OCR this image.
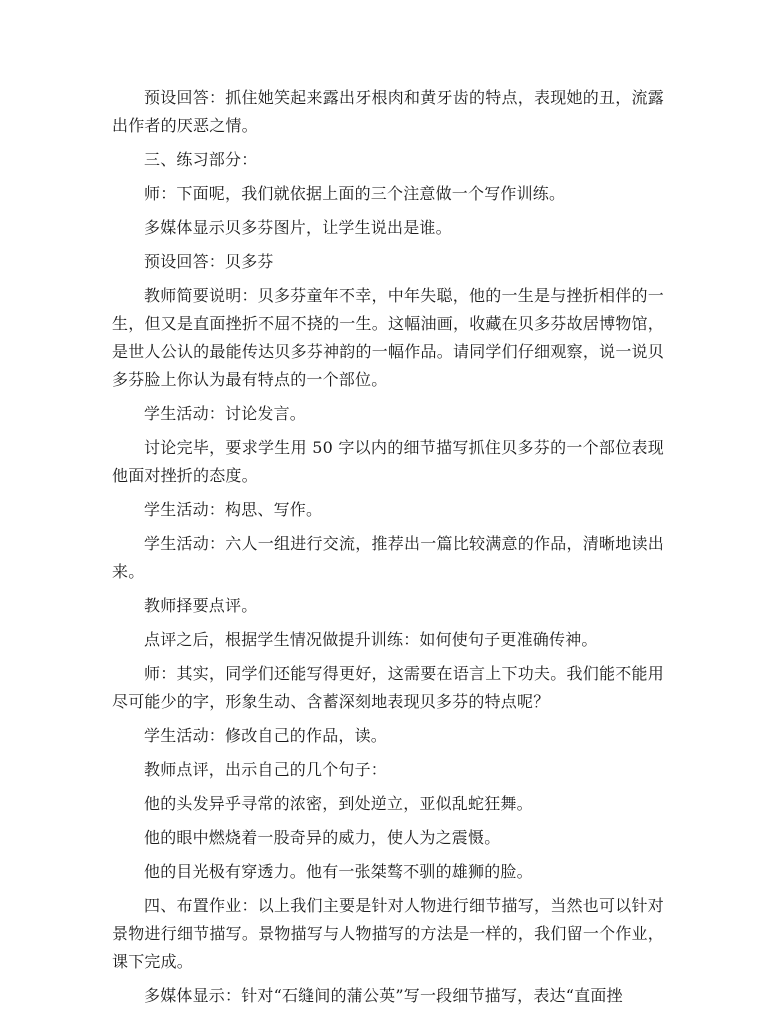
预设回答：抓住她笑起来露出牙根肉和黄牙齿的特点，表现她的丑，流露出作者的厌恶之情。

三、练习部分：

师：下面呢，我们就依据上面的三个注意做一个写作训练。

多媒体显示贝多芬图片，让学生说出是谁。

预设回答：贝多芬

教师简要说明：贝多芬童年不幸，中年失聪，他的一生是与挫折相伴的一生，但又是直面挫折不屈不挠的一生。这幅油画，收藏在贝多芬故居博物馆，是世人公认的最能传达贝多芬神韵的一幅作品。请同学们仔细观察，说一说贝多芬脸上你认为最有特点的一个部位。

学生活动：讨论发言。

讨论完毕，要求学生用 50 字以内的细节描写抓住贝多芬的一个部位表现他面对挫折的态度。

学生活动：构思、写作。

学生活动：六人一组进行交流，推荐出一篇比较满意的作品，清晰地读出来。

教师择要点评。

点评之后，根据学生情况做提升训练：如何使句子更准确传神。

师：其实，同学们还能写得更好，这需要在语言上下功夫。我们能不能用尽可能少的字，形象生动、含蓄深刻地表现贝多芬的特点呢？

学生活动：修改自己的作品，读。

教师点评，出示自己的几个句子：

他的头发异乎寻常的浓密，到处逆立，亚似乱蛇狂舞。

他的眼中燃烧着一股奇异的威力，使人为之震慑。

他的目光极有穿透力。他有一张桀骜不驯的雄狮的脸。

四、布置作业：以上我们主要是针对人物进行细节描写，当然也可以针对景物进行细节描写。景物描写与人物描写的方法是一样的，我们留一个作业，课下完成。

多媒体显示：针对“石缝间的蒲公英”写一段细节描写，表达“直面挫
